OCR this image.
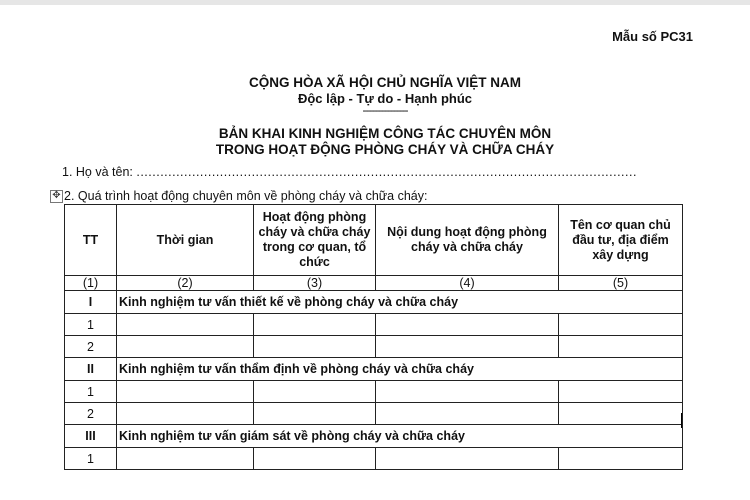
Mẫu số PC31
CỘNG HÒA XÃ HỘI CHỦ NGHĨA VIỆT NAM
Độc lập - Tự do - Hạnh phúc
---------------
BẢN KHAI KINH NGHIỆM CÔNG TÁC CHUYÊN MÔN
TRONG HOẠT ĐỘNG PHÒNG CHÁY VÀ CHỮA CHÁY
1. Họ và tên: ..............................................................................................................................
✥ 2. Quá trình hoạt động chuyên môn về phòng cháy và chữa cháy:
TT	Thời gian	Hoạt động phòng cháy và chữa cháy trong cơ quan, tổ chức	Nội dung hoạt động phòng cháy và chữa cháy	Tên cơ quan chủ đầu tư, địa điểm xây dựng
(1)	(2)	(3)	(4)	(5)
I	Kinh nghiệm tư vấn thiết kế về phòng cháy và chữa cháy			
1				
2				
II	Kinh nghiệm tư vấn thẩm định về phòng cháy và chữa cháy			
1				
2				
III	Kinh nghiệm tư vấn giám sát về phòng cháy và chữa cháy			
1				
